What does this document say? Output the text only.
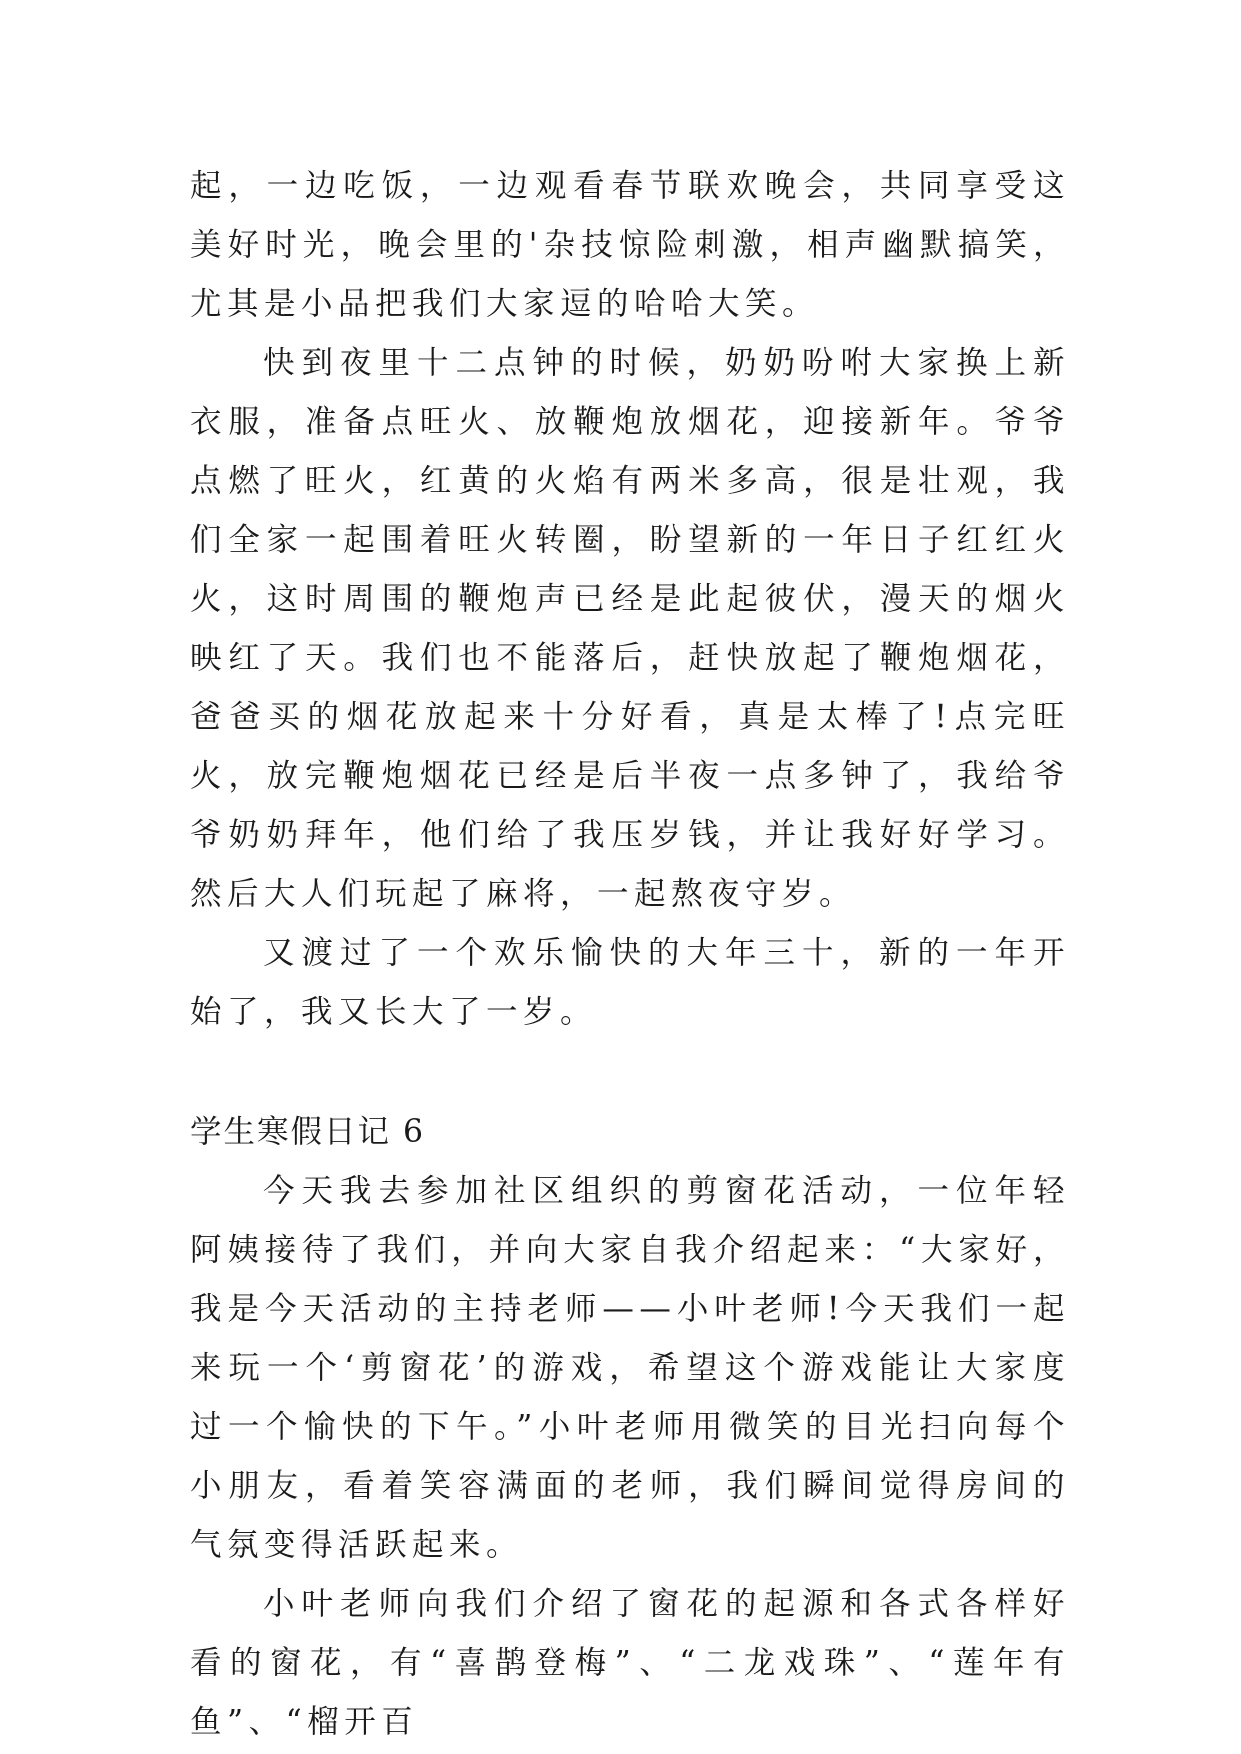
起，一边吃饭，一边观看春节联欢晚会，共同享受这美好时光，晚会里的'杂技惊险刺激，相声幽默搞笑，尤其是小品把我们大家逗的哈哈大笑。

快到夜里十二点钟的时候，奶奶吩咐大家换上新衣服，准备点旺火、放鞭炮放烟花，迎接新年。爷爷点燃了旺火，红黄的火焰有两米多高，很是壮观，我们全家一起围着旺火转圈，盼望新的一年日子红红火火，这时周围的鞭炮声已经是此起彼伏，漫天的烟火映红了天。我们也不能落后，赶快放起了鞭炮烟花，爸爸买的烟花放起来十分好看，真是太棒了!点完旺火，放完鞭炮烟花已经是后半夜一点多钟了，我给爷爷奶奶拜年，他们给了我压岁钱，并让我好好学习。然后大人们玩起了麻将，一起熬夜守岁。

又渡过了一个欢乐愉快的大年三十，新的一年开始了，我又长大了一岁。

学生寒假日记 6

今天我去参加社区组织的剪窗花活动，一位年轻阿姨接待了我们，并向大家自我介绍起来：“大家好，我是今天活动的主持老师——小叶老师!今天我们一起来玩一个‘剪窗花’的游戏，希望这个游戏能让大家度过一个愉快的下午。”小叶老师用微笑的目光扫向每个小朋友，看着笑容满面的老师，我们瞬间觉得房间的气氛变得活跃起来。

小叶老师向我们介绍了窗花的起源和各式各样好看的窗花，有“喜鹊登梅”、“二龙戏珠”、“莲年有鱼”、“榴开百
